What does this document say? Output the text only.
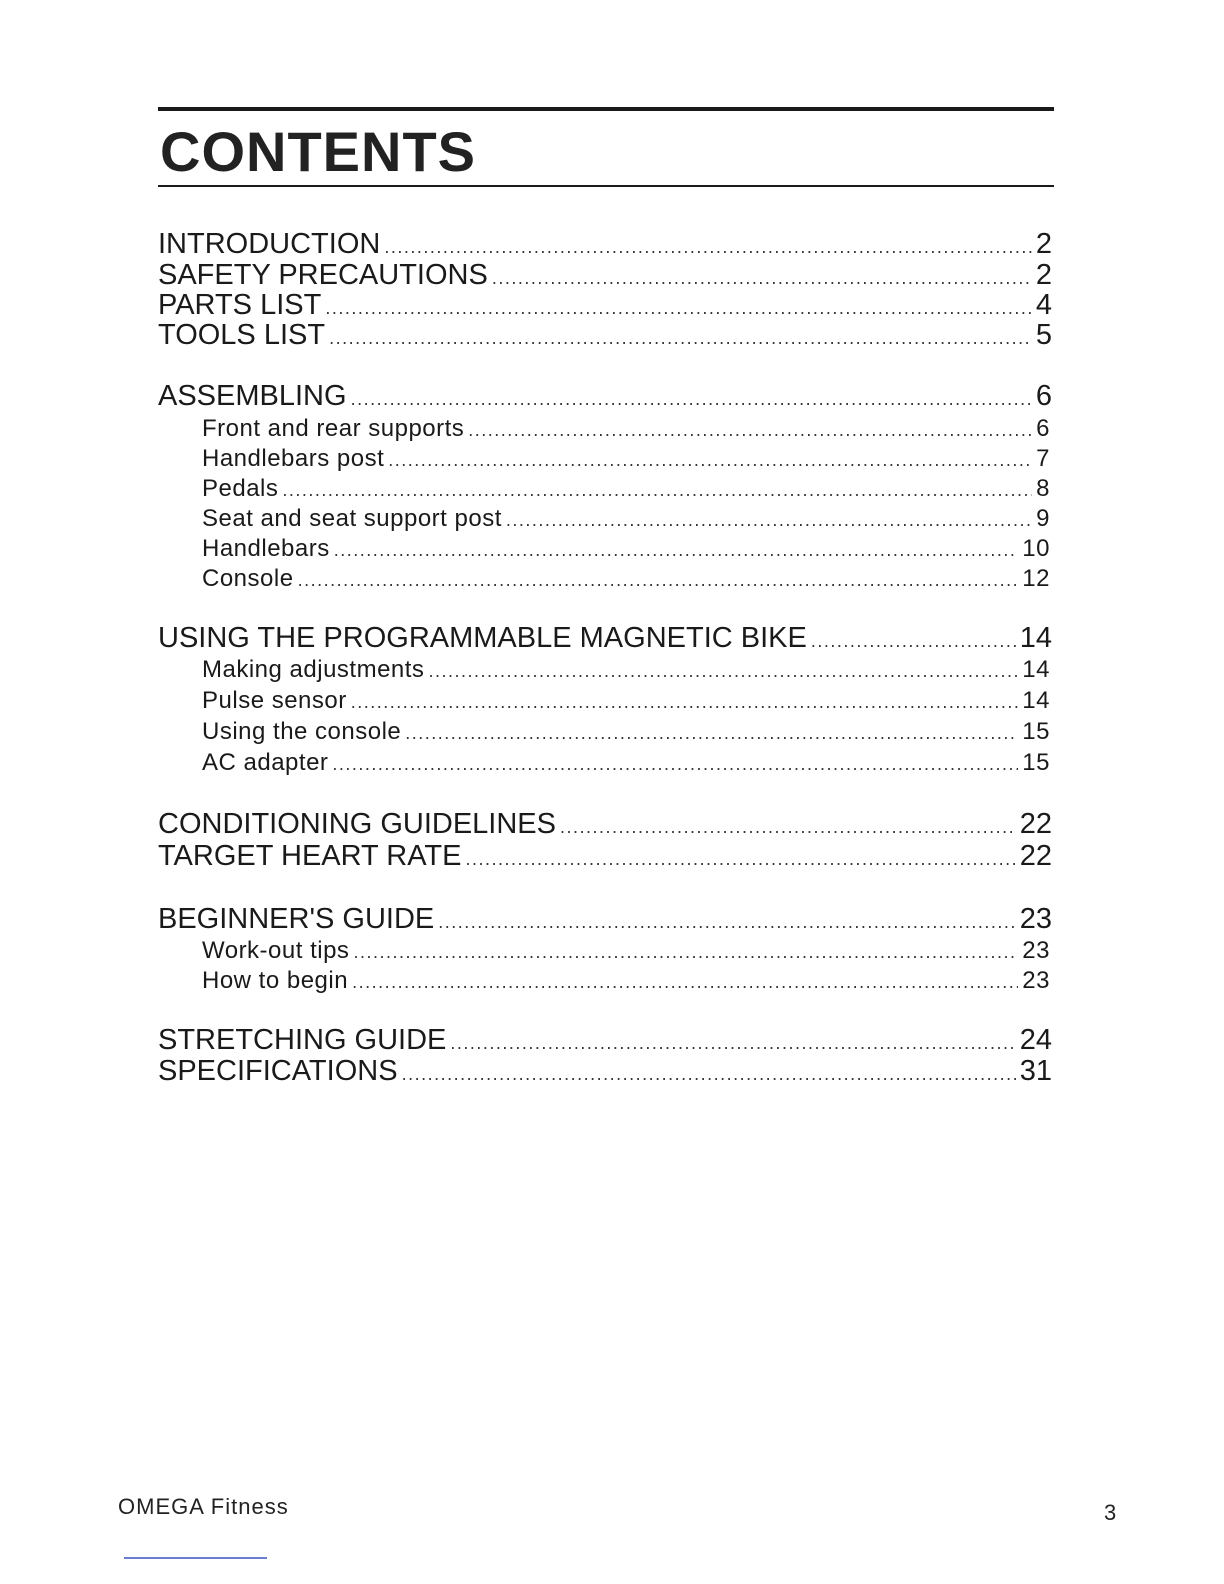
CONTENTS
INTRODUCTION .....	2
SAFETY PRECAUTIONS .....	2
PARTS LIST .....	4
TOOLS LIST .....	5
ASSEMBLING .....	6
Front and rear supports .....	6
Handlebars post .....	7
Pedals .....	8
Seat and seat support post .....	9
Handlebars .....	10
Console .....	12
USING THE PROGRAMMABLE MAGNETIC BIKE .....	14
Making adjustments .....	14
Pulse sensor .....	14
Using the console .....	15
AC adapter .....	15
CONDITIONING GUIDELINES .....	22
TARGET HEART RATE .....	22
BEGINNER'S GUIDE .....	23
Work-out tips .....	23
How to begin .....	23
STRETCHING GUIDE .....	24
SPECIFICATIONS .....	31
OMEGA Fitness	3
